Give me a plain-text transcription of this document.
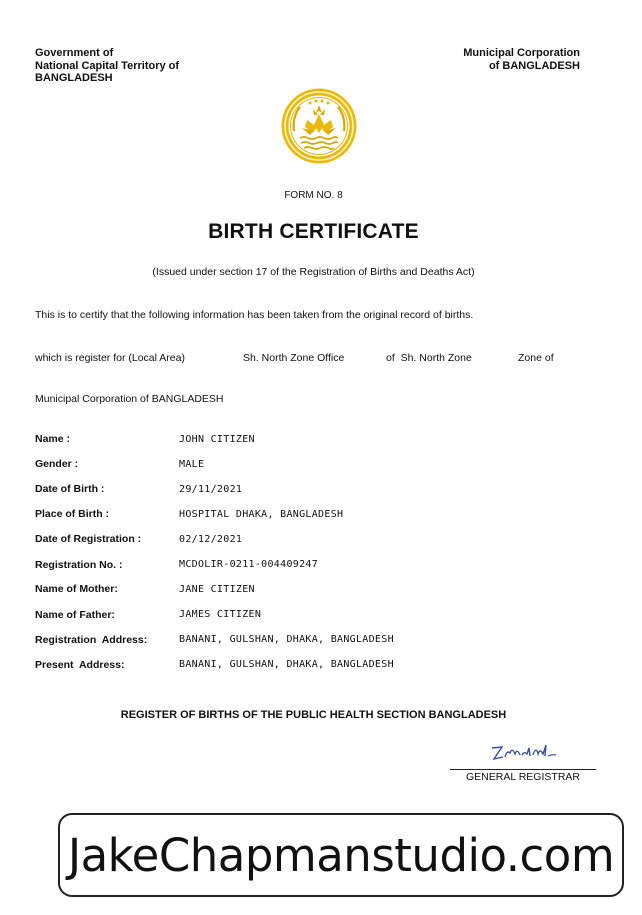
Government of
National Capital Territory of
BANGLADESH
Municipal Corporation
of BANGLADESH
FORM NO. 8
BIRTH CERTIFICATE
(Issued under section 17 of the Registration of Births and Deaths Act)
This is to certify that the following information has been taken from the original record of births.
which is register for (Local Area)	Sh. North Zone Office	of  Sh. North Zone	Zone of
Municipal Corporation of BANGLADESH
Name :	JOHN CITIZEN
Gender :	MALE
Date of Birth :	29/11/2021
Place of Birth :	HOSPITAL DHAKA, BANGLADESH
Date of Registration :	02/12/2021
Registration No. :	MCDOLIR-0211-004409247
Name of Mother:	JANE CITIZEN
Name of Father:	JAMES CITIZEN
Registration  Address:	BANANI, GULSHAN, DHAKA, BANGLADESH
Present  Address:	BANANI, GULSHAN, DHAKA, BANGLADESH
REGISTER OF BIRTHS OF THE PUBLIC HEALTH SECTION BANGLADESH
GENERAL REGISTRAR
JakeChapmanstudio.com
